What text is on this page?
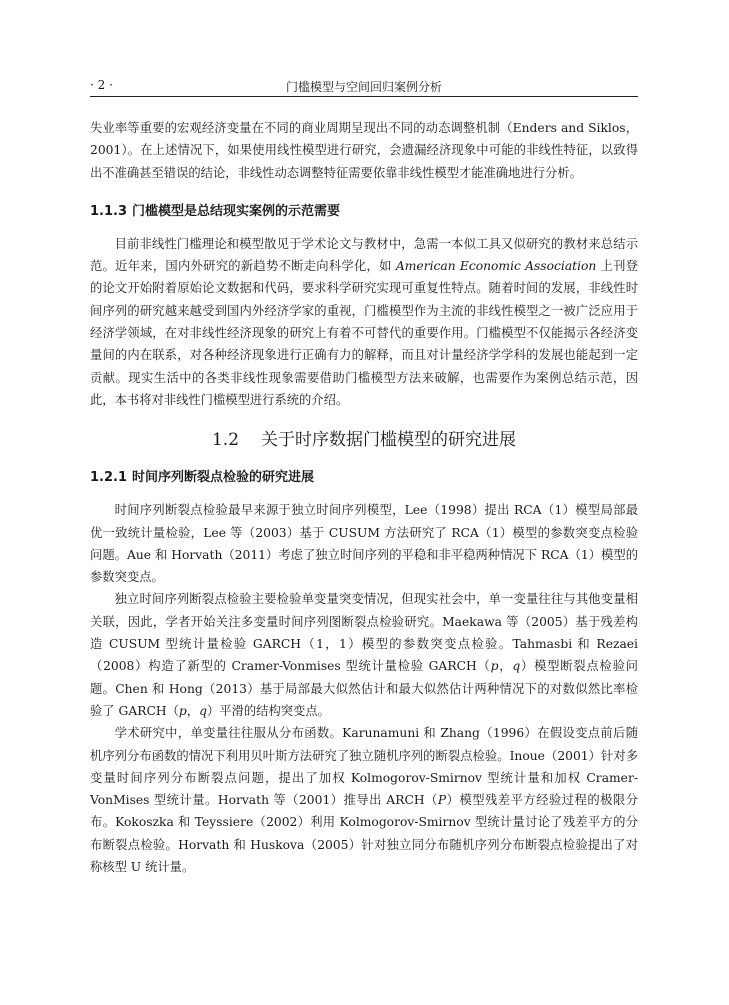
· 2 ·	门槛模型与空间回归案例分析

失业率等重要的宏观经济变量在不同的商业周期呈现出不同的动态调整机制（Enders and Siklos，2001）。在上述情况下，如果使用线性模型进行研究，会遗漏经济现象中可能的非线性特征，以致得出不准确甚至错误的结论，非线性动态调整特征需要依靠非线性模型才能准确地进行分析。

1.1.3 门槛模型是总结现实案例的示范需要

目前非线性门槛理论和模型散见于学术论文与教材中，急需一本似工具又似研究的教材来总结示范。近年来，国内外研究的新趋势不断走向科学化，如 American Economic Association 上刊登的论文开始附着原始论文数据和代码，要求科学研究实现可重复性特点。随着时间的发展，非线性时间序列的研究越来越受到国内外经济学家的重视，门槛模型作为主流的非线性模型之一被广泛应用于经济学领域，在对非线性经济现象的研究上有着不可替代的重要作用。门槛模型不仅能揭示各经济变量间的内在联系，对各种经济现象进行正确有力的解释，而且对计量经济学学科的发展也能起到一定贡献。现实生活中的各类非线性现象需要借助门槛模型方法来破解，也需要作为案例总结示范，因此，本书将对非线性门槛模型进行系统的介绍。

1.2 关于时序数据门槛模型的研究进展
1.2.1 时间序列断裂点检验的研究进展

时间序列断裂点检验最早来源于独立时间序列模型，Lee（1998）提出 RCA（1）模型局部最优一致统计量检验，Lee 等（2003）基于 CUSUM 方法研究了 RCA（1）模型的参数突变点检验问题。Aue 和 Horvath（2011）考虑了独立时间序列的平稳和非平稳两种情况下 RCA（1）模型的参数突变点。

独立时间序列断裂点检验主要检验单变量突变情况，但现实社会中，单一变量往往与其他变量相关联，因此，学者开始关注多变量时间序列图断裂点检验研究。Maekawa 等（2005）基于残差构造 CUSUM 型统计量检验 GARCH（1，1）模型的参数突变点检验。Tahmasbi 和 Rezaei（2008）构造了新型的 Cramer-Vonmises 型统计量检验 GARCH（p，q）模型断裂点检验问题。Chen 和 Hong（2013）基于局部最大似然估计和最大似然估计两种情况下的对数似然比率检验了 GARCH（p，q）平滑的结构突变点。

学术研究中，单变量往往服从分布函数。Karunamuni 和 Zhang（1996）在假设变点前后随机序列分布函数的情况下利用贝叶斯方法研究了独立随机序列的断裂点检验。Inoue（2001）针对多变量时间序列分布断裂点问题，提出了加权 Kolmogorov-Smirnov 型统计量和加权 Cramer-VonMises 型统计量。Horvath 等（2001）推导出 ARCH（P）模型残差平方经验过程的极限分布。Kokoszka 和 Teyssiere（2002）利用 Kolmogorov-Smirnov 型统计量讨论了残差平方的分布断裂点检验。Horvath 和 Huskova（2005）针对独立同分布随机序列分布断裂点检验提出了对称核型 U 统计量。
